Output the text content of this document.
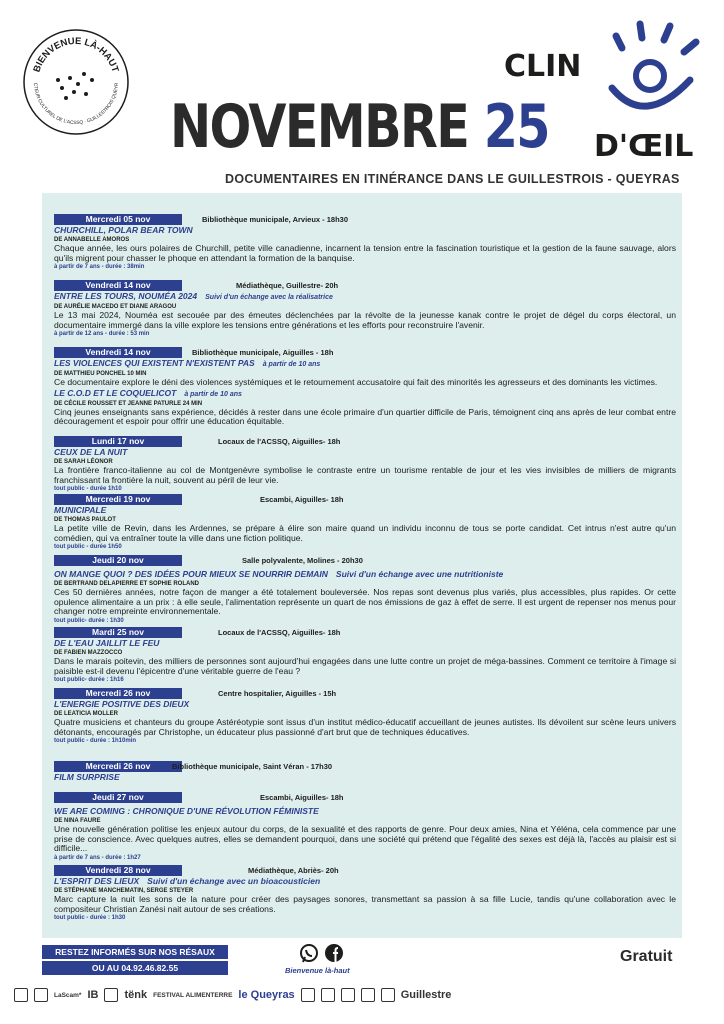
BIENVENUE LÀ-HAUT
CTEUR CULTUREL DE L'ACSSQ · GUILLESTROIS QUEYR
CLIN
D'ŒIL
NOVEMBRE 25
DOCUMENTAIRES EN ITINÉRANCE DANS LE GUILLESTROIS - QUEYRAS
Mercredi 05 nov	Bibliothèque municipale, Arvieux - 18h30
CHURCHILL, POLAR BEAR TOWN
DE ANNABELLE AMOROS
Chaque année, les ours polaires de Churchill, petite ville canadienne, incarnent la tension entre la fascination touristique et la gestion de la faune sauvage, alors qu'ils migrent pour chasser le phoque en attendant la formation de la banquise.
à partir de 7 ans - durée : 38min
Vendredi 14 nov	Médiathèque, Guillestre- 20h
ENTRE LES TOURS, NOUMÉA 2024 Suivi d'un échange avec la réalisatrice
DE AURÉLIE MACEDO ET DIANE ARAGOU
Le 13 mai 2024, Nouméa est secouée par des émeutes déclenchées par la révolte de la jeunesse kanak contre le projet de dégel du corps électoral, un documentaire immergé dans la ville explore les tensions entre générations et les efforts pour reconstruire l'avenir.
à partir de 12 ans - durée : 53 min
Vendredi 14 nov	Bibliothèque municipale, Aiguilles - 18h
LES VIOLENCES QUI EXISTENT N'EXISTENT PAS à partir de 10 ans
DE MATTHIEU PONCHEL 10 MIN
Ce documentaire explore le déni des violences systémiques et le retournement accusatoire qui fait des minorités les agresseurs et des dominants les victimes.
LE C.O.D ET LE COQUELICOT à partir de 10 ans
DE CÉCILE ROUSSET ET JEANNE PATURLE 24 MIN
Cinq jeunes enseignants sans expérience, décidés à rester dans une école primaire d'un quartier difficile de Paris, témoignent cinq ans après de leur combat entre découragement et espoir pour offrir une éducation équitable.
Lundi 17 nov	Locaux de l'ACSSQ, Aiguilles- 18h
CEUX DE LA NUIT
DE SARAH LÉONOR
La frontière franco-italienne au col de Montgenèvre symbolise le contraste entre un tourisme rentable de jour et les vies invisibles de milliers de migrants franchissant la frontière la nuit, souvent au péril de leur vie.
tout public - durée 1h10
Mercredi 19 nov	Escambi, Aiguilles- 18h
MUNICIPALE
DE THOMAS PAULOT
La petite ville de Revin, dans les Ardennes, se prépare à élire son maire quand un individu inconnu de tous se porte candidat. Cet intrus n'est autre qu'un comédien, qui va entraîner toute la ville dans une fiction politique.
tout public - durée 1h50
Jeudi 20 nov	Salle polyvalente, Molines - 20h30
ON MANGE QUOI ? DES IDÉES POUR MIEUX SE NOURRIR DEMAIN Suivi d'un échange avec une nutritioniste
DE BERTRAND DELAPIERRE ET SOPHIE ROLAND
Ces 50 dernières années, notre façon de manger a été totalement bouleversée. Nos repas sont devenus plus variés, plus accessibles, plus rapides. Or cette opulence alimentaire a un prix : à elle seule, l'alimentation représente un quart de nos émissions de gaz à effet de serre. Il est urgent de repenser nos menus pour changer notre empreinte environnementale.
tout public- durée : 1h30
Mardi 25 nov	Locaux de l'ACSSQ, Aiguilles- 18h
DE L'EAU JAILLIT LE FEU
DE FABIEN MAZZOCCO
Dans le marais poitevin, des milliers de personnes sont aujourd'hui engagées dans une lutte contre un projet de méga-bassines. Comment ce territoire à l'image si paisible est-il devenu l'épicentre d'une véritable guerre de l'eau ?
tout public- durée : 1h16
Mercredi 26 nov	Centre hospitalier, Aiguilles - 15h
L'ENERGIE POSITIVE DES DIEUX
DE LEATICIA MOLLER
Quatre musiciens et chanteurs du groupe Astéréotypie sont issus d'un institut médico-éducatif accueillant de jeunes autistes. Ils dévoilent sur scène leurs univers détonants, encouragés par Christophe, un éducateur plus passionné d'art brut que de techniques éducatives.
tout public - durée : 1h10min
Mercredi 26 nov	Bibliothèque municipale, Saint Véran - 17h30
FILM SURPRISE
Jeudi 27 nov	Escambi, Aiguilles- 18h
WE ARE COMING : CHRONIQUE D'UNE RÉVOLUTION FÉMINISTE
DE NINA FAURE
Une nouvelle génération politise les enjeux autour du corps, de la sexualité et des rapports de genre. Pour deux amies, Nina et Yéléna, cela commence par une prise de conscience. Avec quelques autres, elles se demandent pourquoi, dans une société qui prétend que l'égalité des sexes est déjà là, l'accès au plaisir est si difficile...
à partir de 7 ans - durée : 1h27
Vendredi 28 nov	Médiathèque, Abriès- 20h
L'ESPRIT DES LIEUX Suivi d'un échange avec un bioacousticien
DE STÉPHANE MANCHEMATIN, SERGE STEYER
Marc capture la nuit les sons de la nature pour créer des paysages sonores, transmettant sa passion à sa fille Lucie, tandis qu'une collaboration avec le compositeur Christian Zanési nait autour de ses créations.
tout public - durée : 1h30
RESTEZ INFORMÉS SUR NOS RÉSAUX
OU AU 04.92.46.82.55	Bienvenue là-haut
Gratuit
LaScam* IB tënk FESTIVAL ALIMENTERRE le Queyras	Guillestre
